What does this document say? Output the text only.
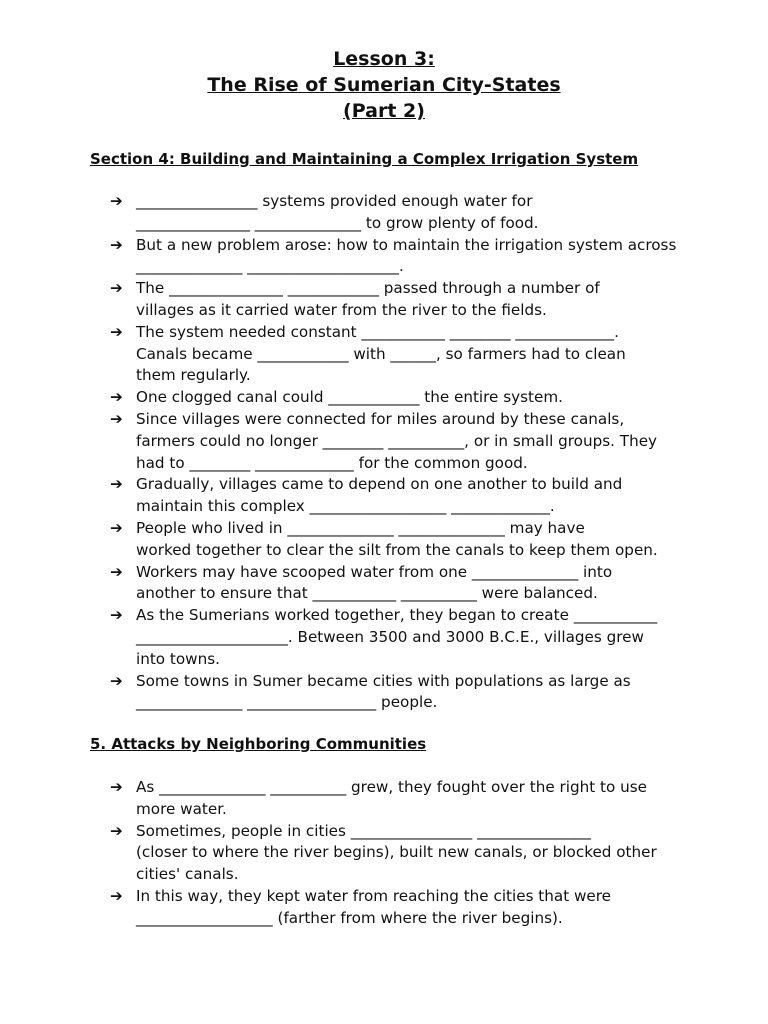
Lesson 3:
The Rise of Sumerian City-States
(Part 2)
Section 4: Building and Maintaining a Complex Irrigation System
➔ ________________ systems provided enough water for
_______________ ______________ to grow plenty of food.
➔ But a new problem arose: how to maintain the irrigation system across
______________ ____________________.
➔ The _______________ ____________ passed through a number of
villages as it carried water from the river to the fields.
➔ The system needed constant ___________ ________ _____________.
Canals became ____________ with ______, so farmers had to clean
them regularly.
➔ One clogged canal could ____________ the entire system.
➔ Since villages were connected for miles around by these canals,
farmers could no longer ________ __________, or in small groups. They
had to ________ _____________ for the common good.
➔ Gradually, villages came to depend on one another to build and
maintain this complex __________________ _____________.
➔ People who lived in ______________ ______________ may have
worked together to clear the silt from the canals to keep them open.
➔ Workers may have scooped water from one ______________ into
another to ensure that ___________ __________ were balanced.
➔ As the Sumerians worked together, they began to create ___________
____________________. Between 3500 and 3000 B.C.E., villages grew
into towns.
➔ Some towns in Sumer became cities with populations as large as
______________ _________________ people.
5. Attacks by Neighboring Communities
➔ As ______________ __________ grew, they fought over the right to use
more water.
➔ Sometimes, people in cities ________________ _______________
(closer to where the river begins), built new canals, or blocked other
cities' canals.
➔ In this way, they kept water from reaching the cities that were
__________________ (farther from where the river begins).
